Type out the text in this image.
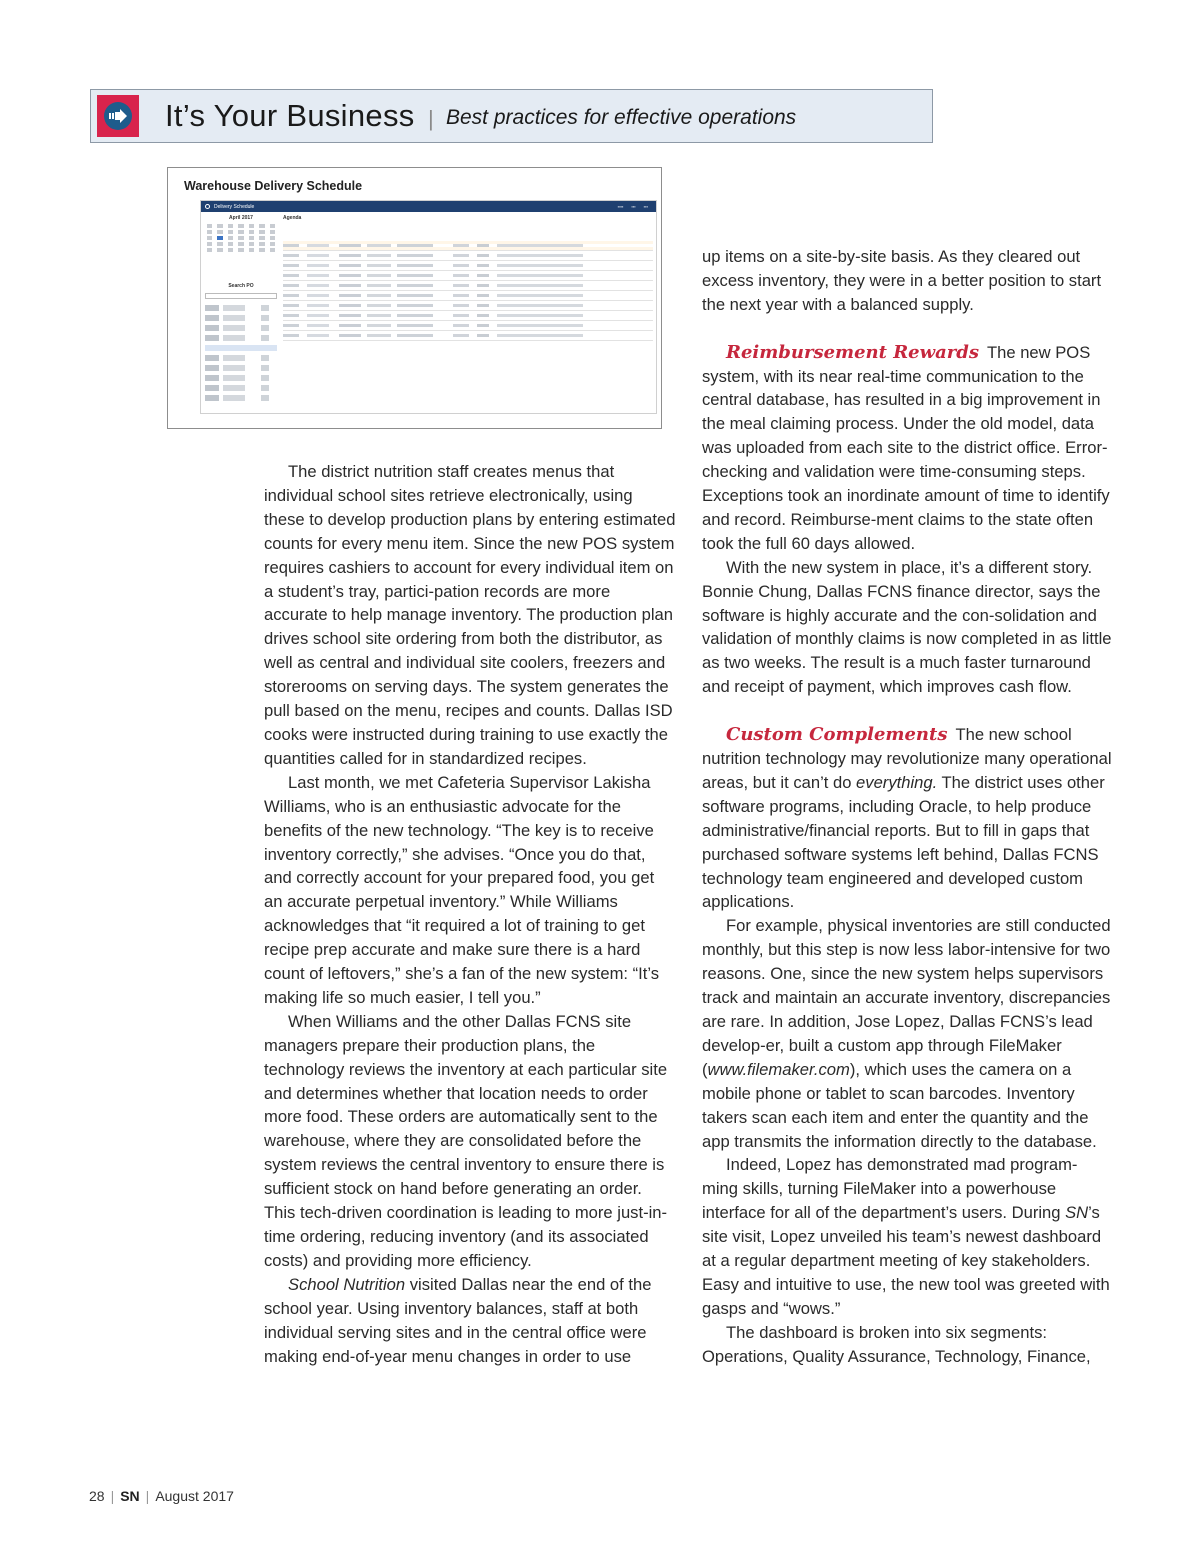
It’s Your Business | Best practices for effective operations
Warehouse Delivery Schedule
Delivery Schedule	▪▪▪▪ ▪▪▪ ▪▪▪
April 2017
Search PO
Agenda

The district nutrition staff creates menus that individual school sites retrieve electronically, using these to develop production plans by entering estimated counts for every menu item. Since the new POS system requires cashiers to account for every individual item on a student’s tray, partici-pation records are more accurate to help manage inventory. The production plan drives school site ordering from both the distributor, as well as central and individual site coolers, freezers and storerooms on serving days. The system generates the pull based on the menu, recipes and counts. Dallas ISD cooks were instructed during training to use exactly the quantities called for in standardized recipes.

Last month, we met Cafeteria Supervisor Lakisha Williams, who is an enthusiastic advocate for the benefits of the new technology. “The key is to receive inventory correctly,” she advises. “Once you do that, and correctly account for your prepared food, you get an accurate perpetual inventory.” While Williams acknowledges that “it required a lot of training to get recipe prep accurate and make sure there is a hard count of leftovers,” she’s a fan of the new system: “It’s making life so much easier, I tell you.”

When Williams and the other Dallas FCNS site managers prepare their production plans, the technology reviews the inventory at each particular site and determines whether that location needs to order more food. These orders are automatically sent to the warehouse, where they are consolidated before the system reviews the central inventory to ensure there is sufficient stock on hand before generating an order. This tech-driven coordination is leading to more just-in-time ordering, reducing inventory (and its associated costs) and providing more efficiency.

School Nutrition visited Dallas near the end of the school year. Using inventory balances, staff at both individual serving sites and in the central office were making end-of-year menu changes in order to use

up items on a site-by-site basis. As they cleared out excess inventory, they were in a better position to start the next year with a balanced supply.

Reimbursement Rewards The new POS system, with its near real-time communication to the central database, has resulted in a big improvement in the meal claiming process. Under the old model, data was uploaded from each site to the district office. Error-checking and validation were time-consuming steps. Exceptions took an inordinate amount of time to identify and record. Reimburse-ment claims to the state often took the full 60 days allowed.

With the new system in place, it’s a different story. Bonnie Chung, Dallas FCNS finance director, says the software is highly accurate and the con-solidation and validation of monthly claims is now completed in as little as two weeks. The result is a much faster turnaround and receipt of payment, which improves cash flow.

Custom Complements The new school nutrition technology may revolutionize many operational areas, but it can’t do everything. The district uses other software programs, including Oracle, to help produce administrative/financial reports. But to fill in gaps that purchased software systems left behind, Dallas FCNS technology team engineered and developed custom applications.

For example, physical inventories are still conducted monthly, but this step is now less labor-intensive for two reasons. One, since the new system helps supervisors track and maintain an accurate inventory, discrepancies are rare. In addition, Jose Lopez, Dallas FCNS’s lead develop-er, built a custom app through FileMaker (www.filemaker.com), which uses the camera on a mobile phone or tablet to scan barcodes. Inventory takers scan each item and enter the quantity and the app transmits the information directly to the database.

Indeed, Lopez has demonstrated mad program-ming skills, turning FileMaker into a powerhouse interface for all of the department’s users. During SN’s site visit, Lopez unveiled his team’s newest dashboard at a regular department meeting of key stakeholders. Easy and intuitive to use, the new tool was greeted with gasps and “wows.”

The dashboard is broken into six segments: Operations, Quality Assurance, Technology, Finance,

28 | SN | August 2017
